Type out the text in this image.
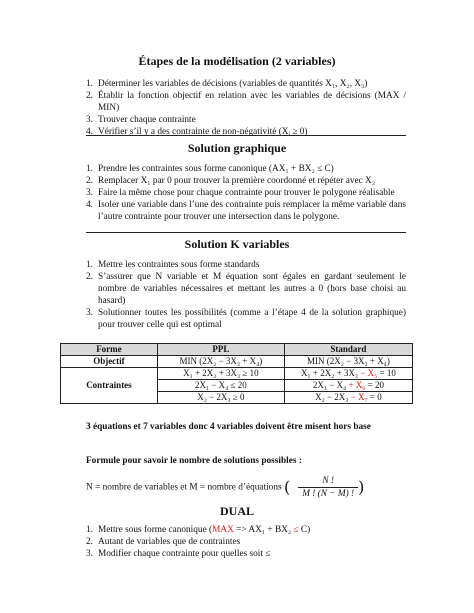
Étapes de la modélisation (2 variables)
1. Déterminer les variables de décisions (variables de quantités X₁, X₂, X₃)
2. Établir la fonction objectif en relation avec les variables de décisions (MAX / MIN)
3. Trouver chaque contrainte
4. Vérifier s’il y a des contrainte de non-négativité (Xᵢ ≥ 0)
Solution graphique
1. Prendre les contraintes sous forme canonique (AX₁ + BX₂ ≤ C)
2. Remplacer X₁ par 0 pour trouver la première coordonné et répéter avec X₂
3. Faire la même chose pour chaque contrainte pour trouver le polygone réalisable
4. Isoler une variable dans l’une des contrainte puis remplacer la même variable dans l’autre contrainte pour trouver une intersection dans le polygone.
Solution K variables
1. Mettre les contraintes sous forme standards
2. S’assurer que N variable et M équation sont égales en gardant seulement le nombre de variables nécessaires et mettant les autres a 0 (hors base choisi au hasard)
3. Solutionner toutes les possibilités (comme a l’étape 4 de la solution graphique) pour trouver celle qui est optimal
Forme	PPL	Standard
Objectif	MIN (2X₂ − 3X₃ + X₄)	MIN (2X₂ − 3X₃ + X₄)
Contraintes	X₁ + 2X₂ + 3X₃ ≥ 10	X₁ + 2X₂ + 3X₃ − X₅ = 10
	2X₁ − X₄ ≤ 20	2X₁ − X₄ + X₆ = 20
	X₂ − 2X₃ ≥ 0	X₂ − 2X₃ − X₇ = 0
3 équations et 7 variables donc 4 variables doivent être misent hors base
Formule pour savoir le nombre de solutions possibles :
N = nombre de variables et M = nombre d’équations ( $\frac{N !}{M ! (N - M) !}$ )
DUAL
1. Mettre sous forme canonique (MAX => AX₁ + BX₂ ≤ C)
2. Autant de variables que de contraintes
3. Modifier chaque contrainte pour quelles soit ≤
